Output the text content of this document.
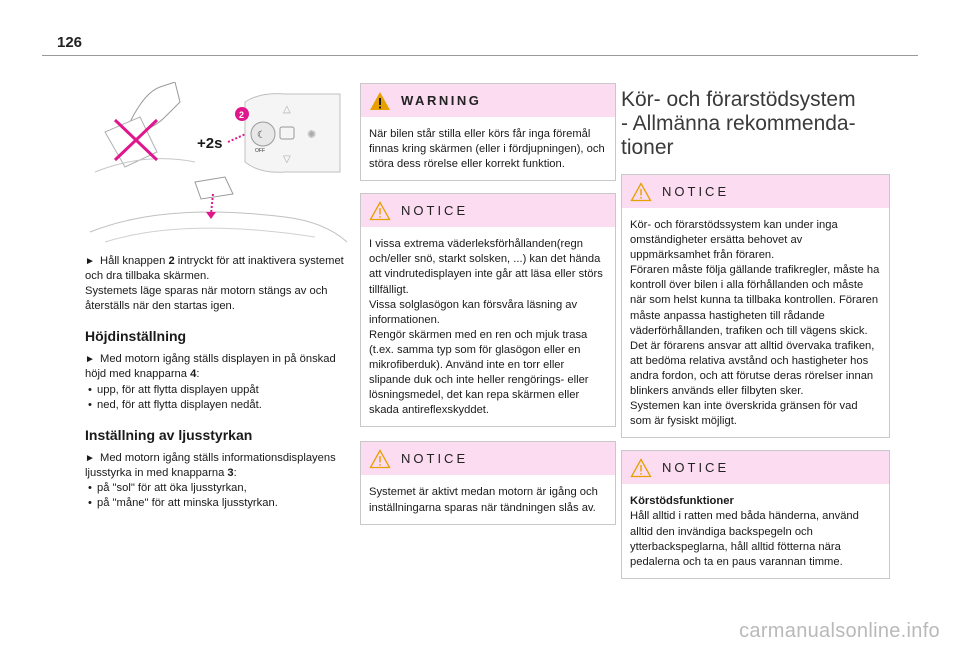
126
+2s	☾
OFF
✺
△
▽
2
► Håll knappen 2 intryckt för att inaktivera systemet och dra tillbaka skärmen.
Systemets läge sparas när motorn stängs av och återställs när den startas igen.
Höjdinställning
► Med motorn igång ställs displayen in på önskad höjd med knapparna 4:
• upp, för att flytta displayen uppåt
• ned, för att flytta displayen nedåt.
Inställning av ljusstyrkan
► Med motorn igång ställs informationsdisplayens ljusstyrka in med knapparna 3:
• på "sol" för att öka ljusstyrkan,
• på "måne" för att minska ljusstyrkan.
WARNING

När bilen står stilla eller körs får inga föremål finnas kring skärmen (eller i fördjupningen), och störa dess rörelse eller korrekt funktion.

NOTICE

I vissa extrema väderleksförhållanden(regn och/eller snö, starkt solsken, ...) kan det hända att vindrutedisplayen inte går att läsa eller störs tillfälligt.

Vissa solglasögon kan försvåra läsning av informationen.

Rengör skärmen med en ren och mjuk trasa (t.ex. samma typ som för glasögon eller en mikrofiberduk). Använd inte en torr eller slipande duk och inte heller rengörings- eller lösningsmedel, det kan repa skärmen eller skada antireflexskyddet.

NOTICE

Systemet är aktivt medan motorn är igång och inställningarna sparas när tändningen slås av.

Kör- och förarstödsystem
- Allmänna rekommenda-
tioner
NOTICE

Kör- och förarstödssystem kan under inga omständigheter ersätta behovet av uppmärksamhet från föraren.

Föraren måste följa gällande trafikregler, måste ha kontroll över bilen i alla förhållanden och måste när som helst kunna ta tillbaka kontrollen. Föraren måste anpassa hastigheten till rådande väderförhållanden, trafiken och till vägens skick.

Det är förarens ansvar att alltid övervaka trafiken, att bedöma relativa avstånd och hastigheter hos andra fordon, och att förutse deras rörelser innan blinkers används eller filbyten sker.

Systemen kan inte överskrida gränsen för vad som är fysiskt möjligt.

NOTICE

Körstödsfunktioner

Håll alltid i ratten med båda händerna, använd alltid den invändiga backspegeln och ytterbackspeglarna, håll alltid fötterna nära pedalerna och ta en paus varannan timme.

carmanualsonline.info
